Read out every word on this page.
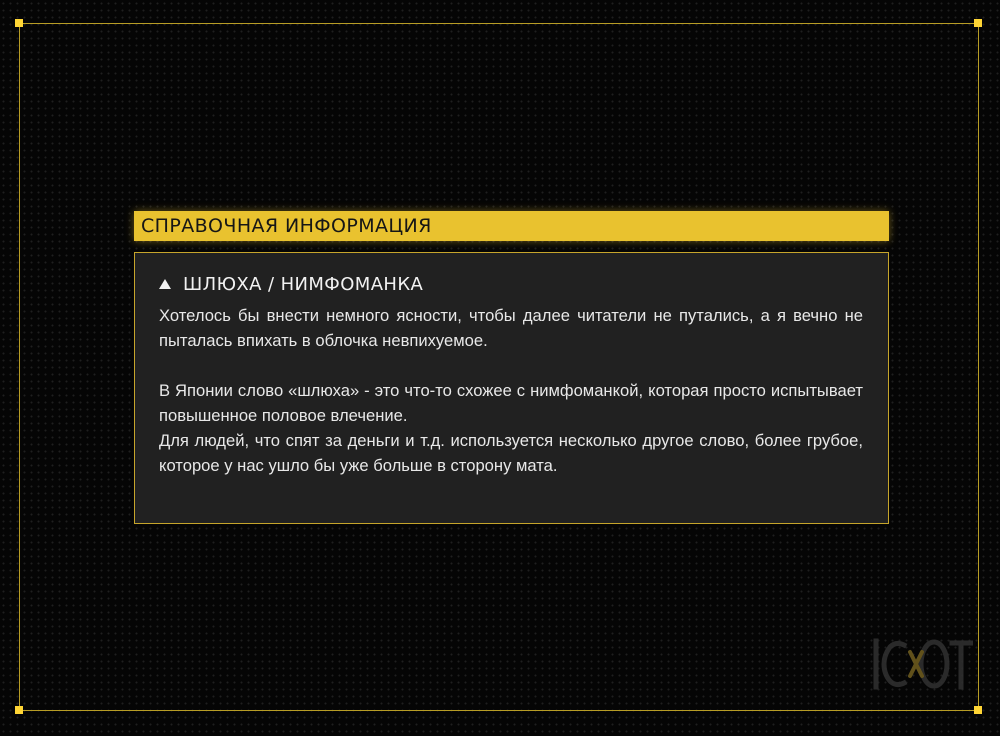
СПРАВОЧНАЯ ИНФОРМАЦИЯ
ШЛЮХА / НИМФОМАНКА

Хотелось бы внести немного ясности, чтобы далее читатели не путались, а я вечно не пыталась впихать в облочка невпихуемое.

В Японии слово «шлюха» - это что-то схожее с нимфоманкой, которая просто испытывает повышенное половое влечение.

Для людей, что спят за деньги и т.д. используется несколько другое слово, более грубое, которое у нас ушло бы уже больше в сторону мата.
